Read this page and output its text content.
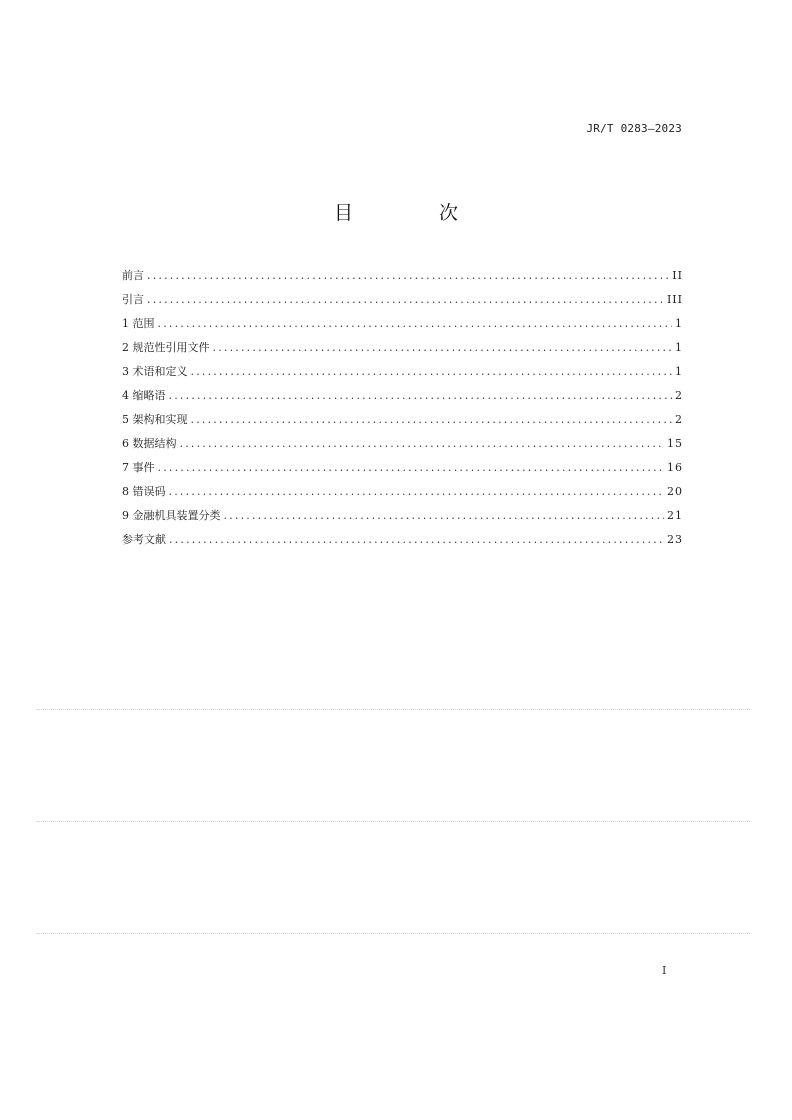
JR/T 0283—2023
目 次
前言 .....	II
引言 .....	III
1 范围 .....	1
2 规范性引用文件 .....	1
3 术语和定义 .....	1
4 缩略语 .....	2
5 架构和实现 .....	2
6 数据结构 .....	15
7 事件 .....	16
8 错误码 .....	20
9 金融机具装置分类 .....	21
参考文献 .....	23
I
